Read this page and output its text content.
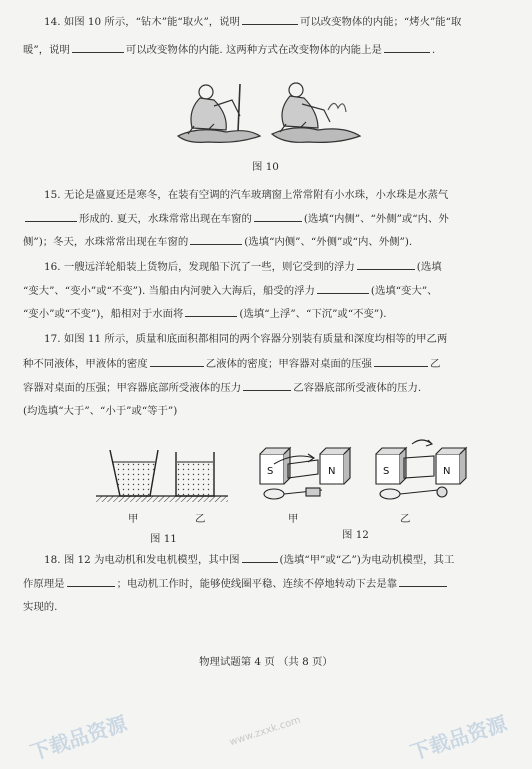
14. 如图 10 所示，“钻木”能“取火”，说明	可以改变物体的内能；“烤火”能“取
暖”，说明	可以改变物体的内能. 这两种方式在改变物体的内能上是	.
图 10
15. 无论是盛夏还是寒冬，在装有空调的汽车玻璃窗上常常附有小水珠，小水珠是水蒸气
形成的. 夏天，水珠常常出现在车窗的	(选填“内侧”、“外侧”或“内、外
侧”)；冬天，水珠常常出现在车窗的	(选填“内侧”、“外侧”或“内、外侧”).
16. 一艘远洋轮船装上货物后，发现船下沉了一些，则它受到的浮力	(选填
“变大”、“变小”或“不变”). 当船由内河驶入大海后，船受的浮力	(选填“变大”、
“变小”或“不变”)，船相对于水面将	(选填“上浮”、“下沉”或“不变”).
17. 如图 11 所示，质量和底面积都相同的两个容器分别装有质量和深度均相等的甲乙两
种不同液体，甲液体的密度	乙液体的密度；甲容器对桌面的压强	乙
容器对桌面的压强；甲容器底部所受液体的压力	乙容器底部所受液体的压力.
(均选填“大于”、“小于”或“等于”)
甲	乙
图 11
S	N	S	N
甲	乙
图 12
18. 图 12 为电动机和发电机模型，其中图	(选填“甲”或“乙”)为电动机模型，其工
作原理是	；电动机工作时，能够使线圈平稳、连续不停地转动下去是靠
实现的.
物理试题第 4 页 （共 8 页）
www.zxxk.com
下载品资源	下载品资源
